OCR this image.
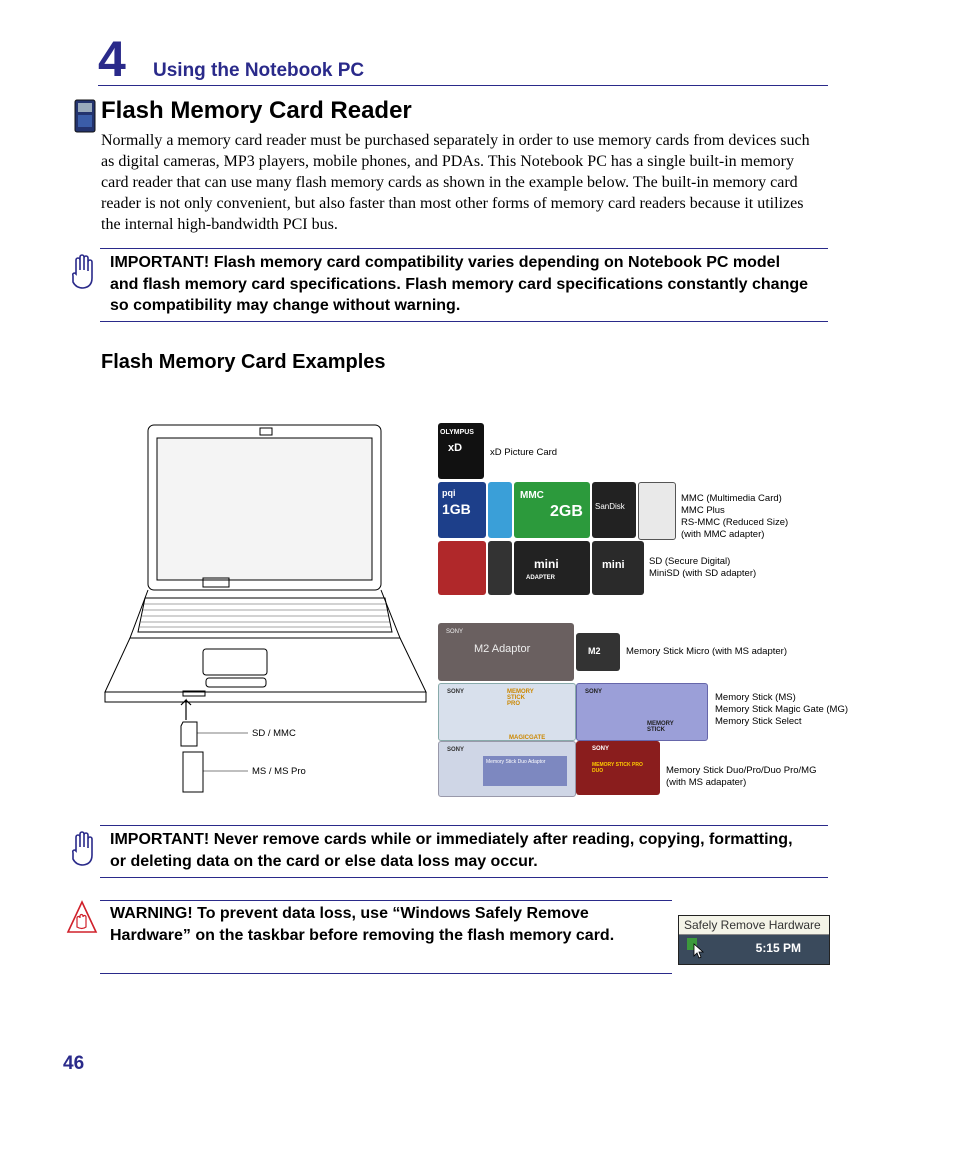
4 Using the Notebook PC
Flash Memory Card Reader
Normally a memory card reader must be purchased separately in order to use memory cards from devices such as digital cameras, MP3 players, mobile phones, and PDAs. This Notebook PC has a single built-in memory card reader that can use many flash memory cards as shown in the example below. The built-in memory card reader is not only convenient, but also faster than most other forms of memory card readers because it utilizes the internal high-bandwidth PCI bus.
IMPORTANT! Flash memory card compatibility varies depending on Notebook PC model and flash memory card specifications. Flash memory card specifications constantly change so compatibility may change without warning.
Flash Memory Card Examples
SD / MMC
MS / MS Pro
OLYMPUS
xD	xD Picture Card
pqi
1GB
MMC
2GB SanDisk
MMC (Multimedia Card)
MMC Plus
RS-MMC (Reduced Size)
(with MMC adapter)
mini
ADAPTER
mini	SD (Secure Digital)
MiniSD (with SD adapter)
SONY
M2 Adaptor	M2	Memory Stick Micro (with MS adapter)
SONY	MEMORY STICK PRO
MAGICGATE
SONY
MEMORY STICK
Memory Stick (MS)
Memory Stick Magic Gate (MG)
Memory Stick Select
SONY
Memory Stick Duo Adaptor
SONY
MEMORY STICK PRO DUO	Memory Stick Duo/Pro/Duo Pro/MG
(with MS adapater)
IMPORTANT! Never remove cards while or immediately after reading, copying, formatting, or deleting data on the card or else data loss may occur.
WARNING! To prevent data loss, use “Windows Safely Remove Hardware” on the taskbar before removing the flash memory card.
Safely Remove Hardware
5:15 PM
46
